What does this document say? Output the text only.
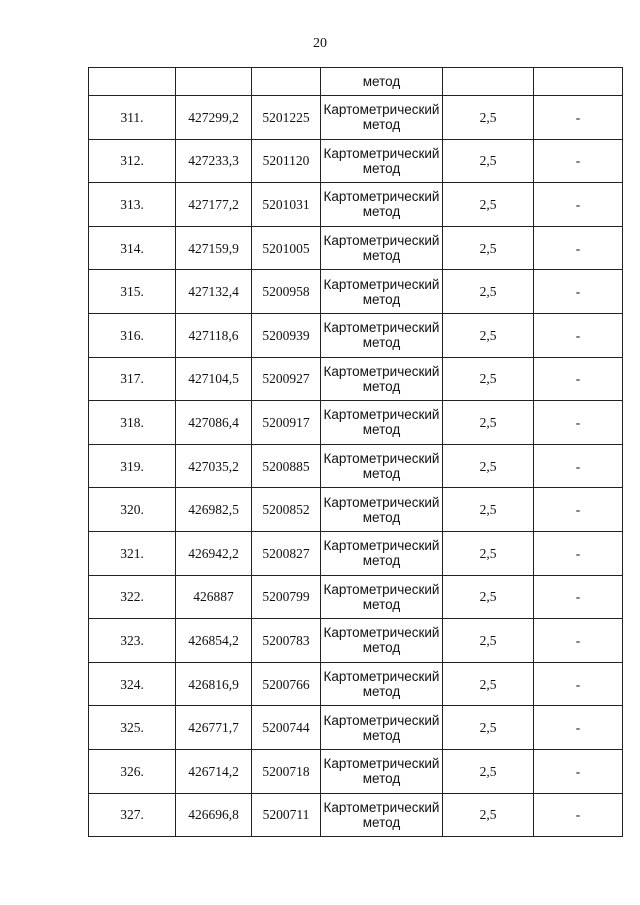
20
			метод		
311.	427299,2	5201225	Картометрический метод	2,5	-
312.	427233,3	5201120	Картометрический метод	2,5	-
313.	427177,2	5201031	Картометрический метод	2,5	-
314.	427159,9	5201005	Картометрический метод	2,5	-
315.	427132,4	5200958	Картометрический метод	2,5	-
316.	427118,6	5200939	Картометрический метод	2,5	-
317.	427104,5	5200927	Картометрический метод	2,5	-
318.	427086,4	5200917	Картометрический метод	2,5	-
319.	427035,2	5200885	Картометрический метод	2,5	-
320.	426982,5	5200852	Картометрический метод	2,5	-
321.	426942,2	5200827	Картометрический метод	2,5	-
322.	426887	5200799	Картометрический метод	2,5	-
323.	426854,2	5200783	Картометрический метод	2,5	-
324.	426816,9	5200766	Картометрический метод	2,5	-
325.	426771,7	5200744	Картометрический метод	2,5	-
326.	426714,2	5200718	Картометрический метод	2,5	-
327.	426696,8	5200711	Картометрический метод	2,5	-
